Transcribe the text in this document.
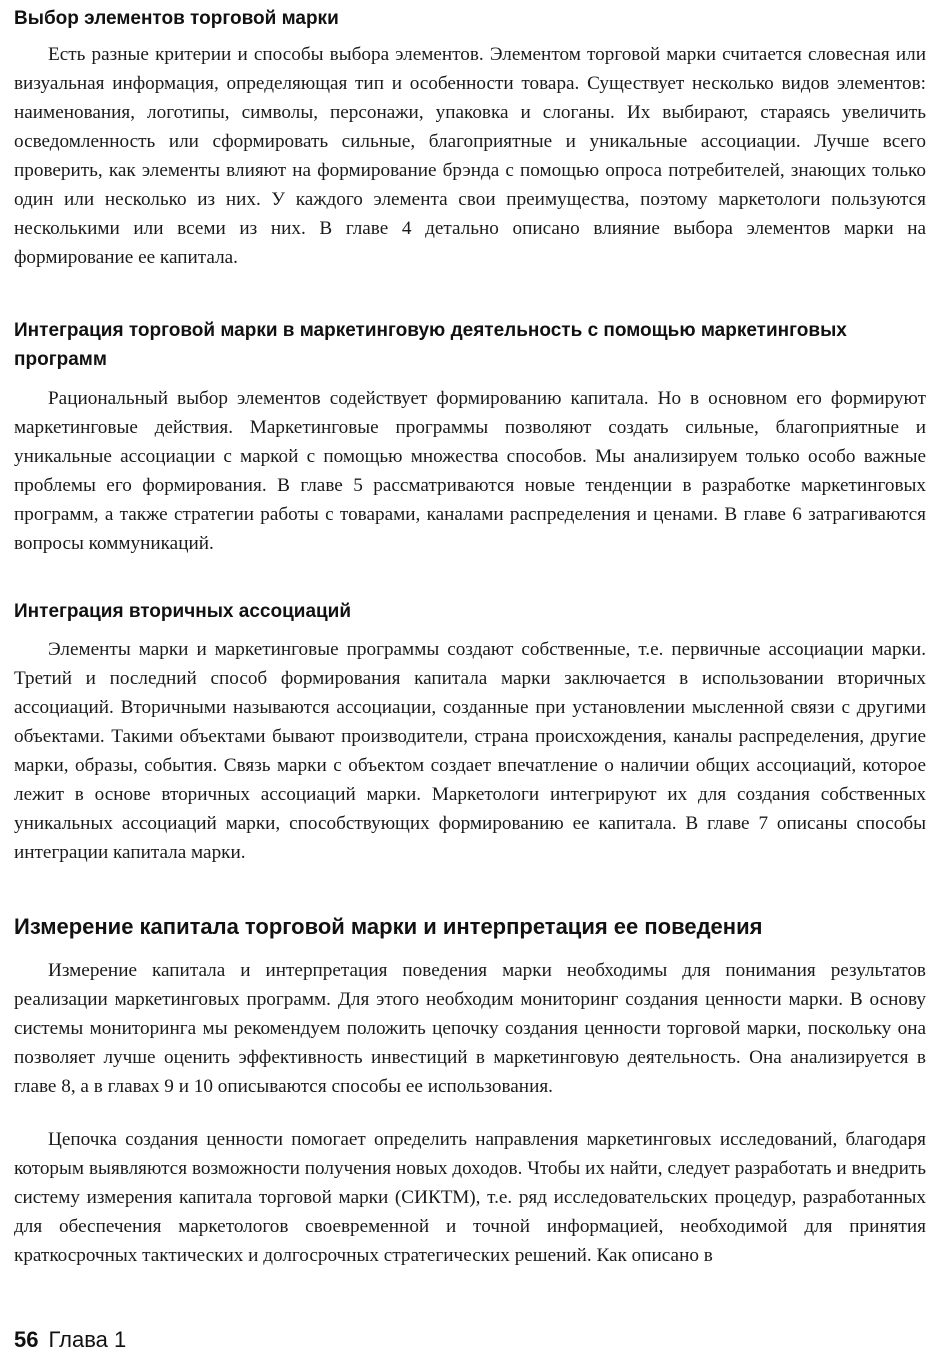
Выбор элементов торговой марки

Есть разные критерии и способы выбора элементов. Элементом торговой марки считается словесная или визуальная информация, определяющая тип и особенности товара. Существует несколько видов элементов: наименования, логотипы, символы, персонажи, упаковка и слоганы. Их выбирают, стараясь увеличить осведомленность или сформировать сильные, благоприятные и уникальные ассоциации. Лучше всего проверить, как элементы влияют на формирование брэнда с помощью опроса потребителей, знающих только один или несколько из них. У каждого элемента свои преимущества, поэтому маркетологи пользуются несколькими или всеми из них. В главе 4 детально описано влияние выбора элементов марки на формирование ее капитала.

Интеграция торговой марки в маркетинговую деятельность с помощью маркетинговых программ

Рациональный выбор элементов содействует формированию капитала. Но в основном его формируют маркетинговые действия. Маркетинговые программы позволяют создать сильные, благоприятные и уникальные ассоциации с маркой с помощью множества способов. Мы анализируем только особо важные проблемы его формирования. В главе 5 рассматриваются новые тенденции в разработке маркетинговых программ, а также стратегии работы с товарами, каналами распределения и ценами. В главе 6 затрагиваются вопросы коммуникаций.

Интеграция вторичных ассоциаций

Элементы марки и маркетинговые программы создают собственные, т.е. первичные ассоциации марки. Третий и последний способ формирования капитала марки заключается в использовании вторичных ассоциаций. Вторичными называются ассоциации, созданные при установлении мысленной связи с другими объектами. Такими объектами бывают производители, страна происхождения, каналы распределения, другие марки, образы, события. Связь марки с объектом создает впечатление о наличии общих ассоциаций, которое лежит в основе вторичных ассоциаций марки. Маркетологи интегрируют их для создания собственных уникальных ассоциаций марки, способствующих формированию ее капитала. В главе 7 описаны способы интеграции капитала марки.

Измерение капитала торговой марки и интерпретация ее поведения

Измерение капитала и интерпретация поведения марки необходимы для понимания результатов реализации маркетинговых программ. Для этого необходим мониторинг создания ценности марки. В основу системы мониторинга мы рекомендуем положить цепочку создания ценности торговой марки, поскольку она позволяет лучше оценить эффективность инвестиций в маркетинговую деятельность. Она анализируется в главе 8, а в главах 9 и 10 описываются способы ее использования.

Цепочка создания ценности помогает определить направления маркетинговых исследований, благодаря которым выявляются возможности получения новых доходов. Чтобы их найти, следует разработать и внедрить систему измерения капитала торговой марки (СИКТМ), т.е. ряд исследовательских процедур, разработанных для обеспечения маркетологов своевременной и точной информацией, необходимой для принятия краткосрочных тактических и долгосрочных стратегических решений. Как описано в

56 Глава 1
